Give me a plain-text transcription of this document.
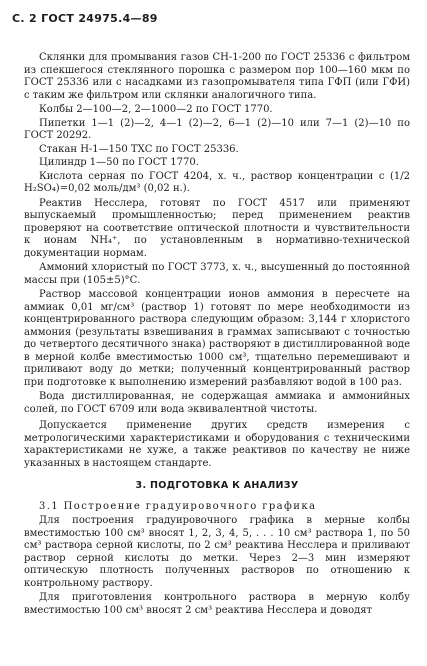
С. 2 ГОСТ 24975.4—89

Склянки для промывания газов СН-1-200 по ГОСТ 25336 с фильтром из спекшегося стеклянного порошка с размером пор 100—160 мкм по ГОСТ 25336 или с насадками из газопромывателя типа ГФП (или ГФИ) с таким же фильтром или склянки аналогичного типа.

Колбы 2—100—2, 2—1000—2 по ГОСТ 1770.

Пипетки 1—1 (2)—2, 4—1 (2)—2, 6—1 (2)—10 или 7—1 (2)—10 по ГОСТ 20292.

Стакан Н-1—150 ТХС по ГОСТ 25336.

Цилиндр 1—50 по ГОСТ 1770.

Кислота серная по ГОСТ 4204, х. ч., раствор концентрации с (1/2 H₂SO₄)=0,02 моль/дм³ (0,02 н.).

Реактив Несслера, готовят по ГОСТ 4517 или применяют выпускаемый промышленностью; перед применением реактив проверяют на соответствие оптической плотности и чувствительности к ионам NH₄⁺, по установленным в нормативно-технической документации нормам.

Аммоний хлористый по ГОСТ 3773, х. ч., высушенный до постоянной массы при (105±5)°С.

Раствор массовой концентрации ионов аммония в пересчете на аммиак 0,01 мг/см³ (раствор 1) готовят по мере необходимости из концентрированного раствора следующим образом: 3,144 г хлористого аммония (результаты взвешивания в граммах записывают с точностью до четвертого десятичного знака) растворяют в дистиллированной воде в мерной колбе вместимостью 1000 см³, тщательно перемешивают и приливают воду до метки; полученный концентрированный раствор при подготовке к выполнению измерений разбавляют водой в 100 раз.

Вода дистиллированная, не содержащая аммиака и аммонийных солей, по ГОСТ 6709 или вода эквивалентной чистоты.

Допускается применение других средств измерения с метрологическими характеристиками и оборудования с техническими характеристиками не хуже, а также реактивов по качеству не ниже указанных в настоящем стандарте.

3. ПОДГОТОВКА К АНАЛИЗУ

3.1 Построение градуировочного графика

Для построения градуировочного графика в мерные колбы вместимостью 100 см³ вносят 1, 2, 3, 4, 5, . . . 10 см³ раствора 1, по 50 см³ раствора серной кислоты, по 2 см³ реактива Несслера и приливают раствор серной кислоты до метки. Через 2—3 мин измеряют оптическую плотность полученных растворов по отношению к контрольному раствору.

Для приготовления контрольного раствора в мерную колбу вместимостью 100 см³ вносят 2 см³ реактива Несслера и доводят
